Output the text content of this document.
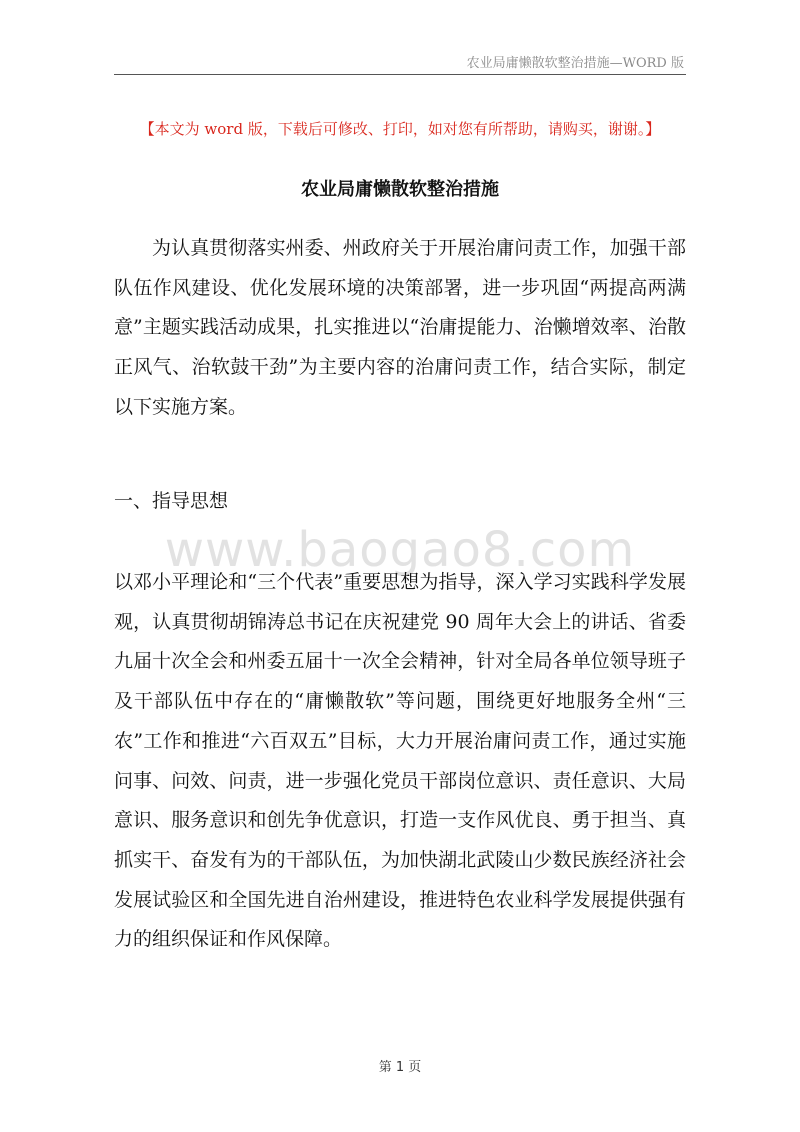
农业局庸懒散软整治措施—WORD 版
【本文为 word 版，下载后可修改、打印，如对您有所帮助，请购买，谢谢。】
农业局庸懒散软整治措施

为认真贯彻落实州委、州政府关于开展治庸问责工作，加强干部队伍作风建设、优化发展环境的决策部署，进一步巩固“两提高两满意”主题实践活动成果，扎实推进以“治庸提能力、治懒增效率、治散正风气、治软鼓干劲”为主要内容的治庸问责工作，结合实际，制定以下实施方案。

一、指导思想

www.baogao8.com

以邓小平理论和“三个代表”重要思想为指导，深入学习实践科学发展观，认真贯彻胡锦涛总书记在庆祝建党 90 周年大会上的讲话、省委九届十次全会和州委五届十一次全会精神，针对全局各单位领导班子及干部队伍中存在的“庸懒散软”等问题，围绕更好地服务全州“三农”工作和推进“六百双五”目标，大力开展治庸问责工作，通过实施问事、问效、问责，进一步强化党员干部岗位意识、责任意识、大局意识、服务意识和创先争优意识，打造一支作风优良、勇于担当、真抓实干、奋发有为的干部队伍，为加快湖北武陵山少数民族经济社会发展试验区和全国先进自治州建设，推进特色农业科学发展提供强有力的组织保证和作风保障。

第 1 页
